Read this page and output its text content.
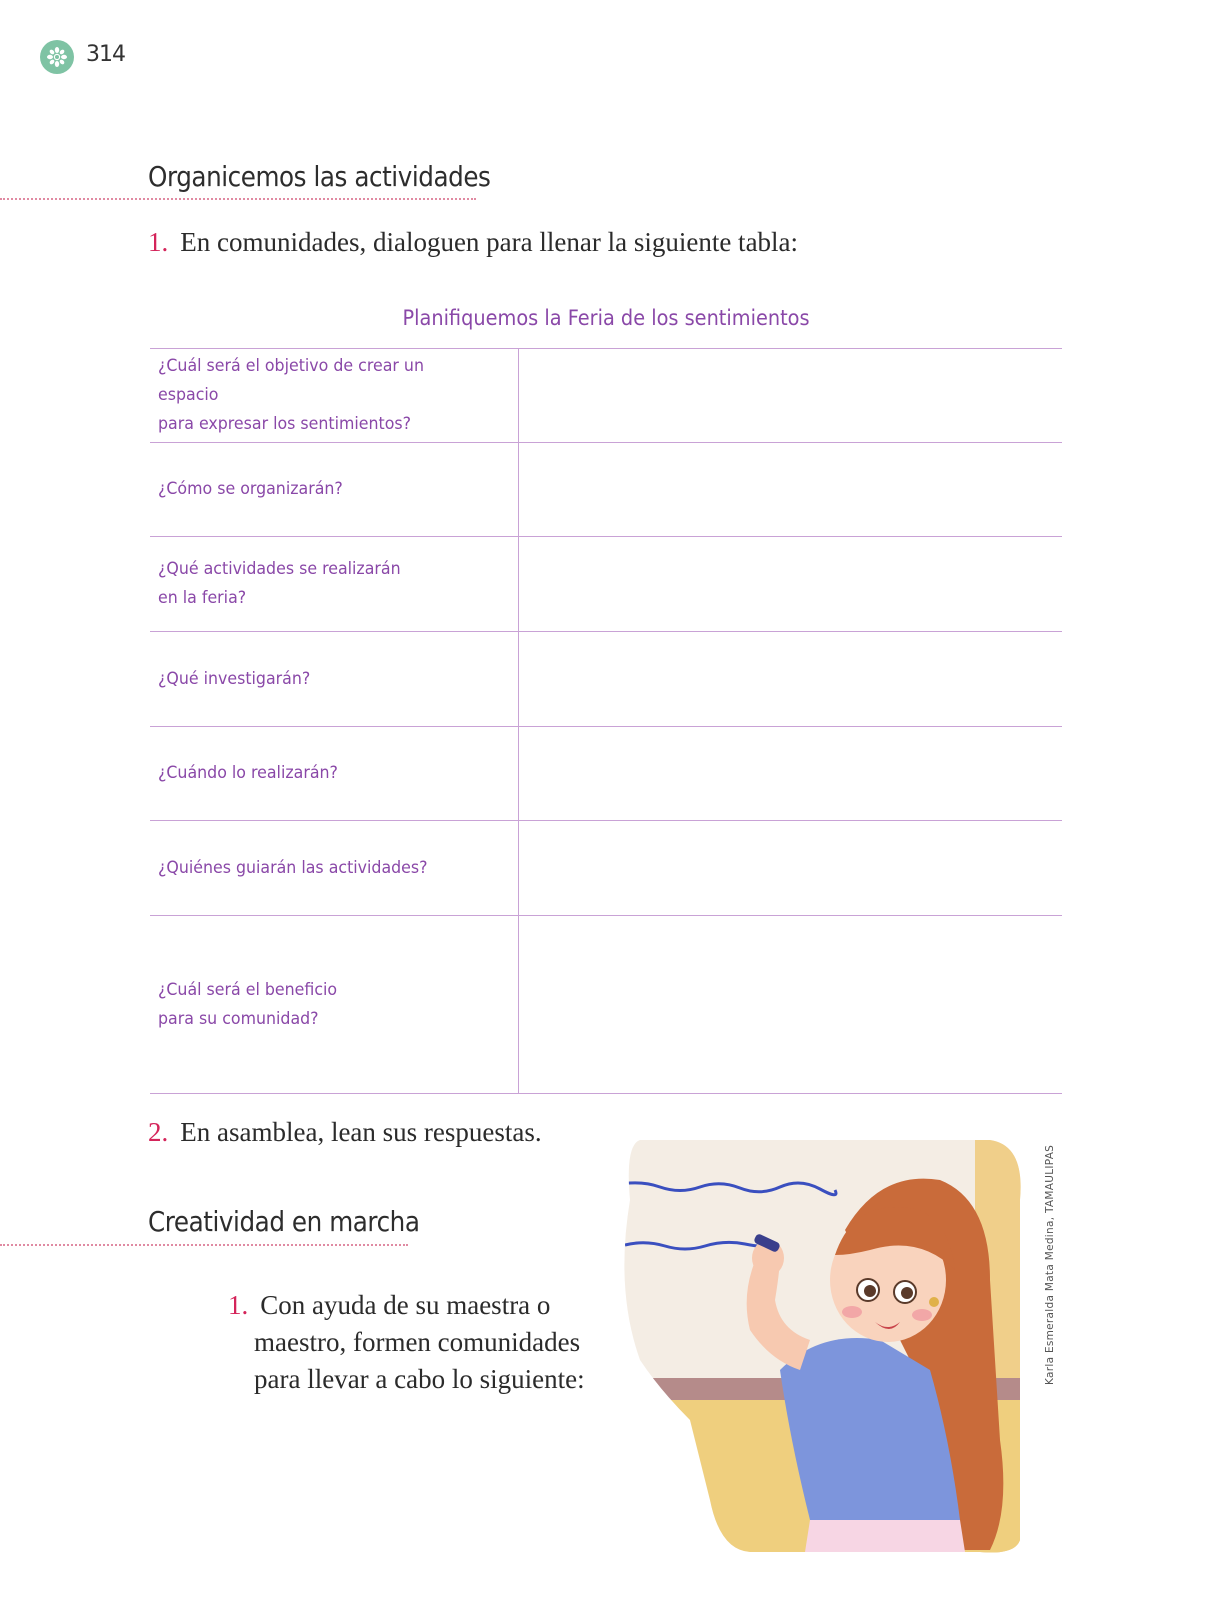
314
Organicemos las actividades
1. En comunidades, dialoguen para llenar la siguiente tabla:
Planifiquemos la Feria de los sentimientos
¿Cuál será el objetivo de crear un espacio
para expresar los sentimientos?	

¿Cómo se organizarán?	

¿Qué actividades se realizarán
en la feria?	

¿Qué investigarán?	

¿Cuándo lo realizarán?	

¿Quiénes guiarán las actividades?	

¿Cuál será el beneficio
para su comunidad?	

2. En asamblea, lean sus respuestas.
Creatividad en marcha
1. Con ayuda de su maestra o
maestro, formen comunidades
para llevar a cabo lo siguiente:	Karla Esmeralda Mata Medina, TAMAULIPAS
